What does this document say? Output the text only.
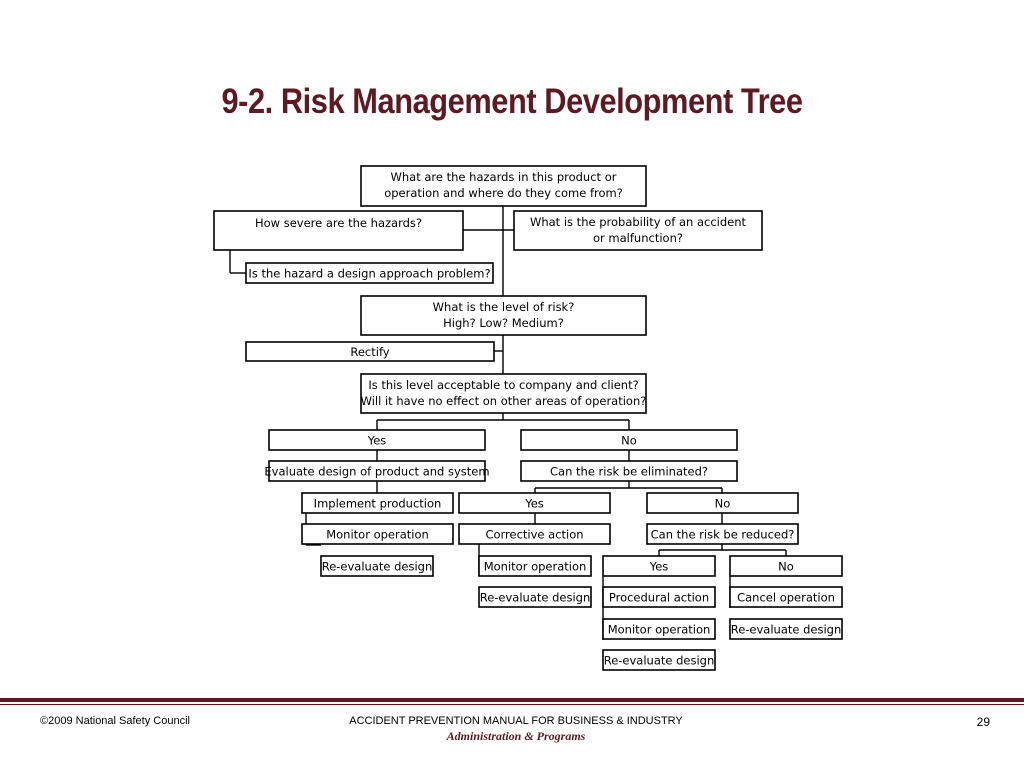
9-2. Risk Management Development Tree
What are the hazards in this product or
operation and where do they come from?
How severe are the hazards?	What is the probability of an accident
or malfunction?
Is the hazard a design approach problem?
What is the level of risk?
High? Low? Medium?
Rectify
Is this level acceptable to company and client?
Will it have no effect on other areas of operation?
Yes	No
Evaluate design of product and system	Can the risk be eliminated?
Implement production	Yes	No
Monitor operation	Corrective action	Can the risk be reduced?
Re-evaluate design	Monitor operation	Yes	No
Re-evaluate design Procedural action Cancel operation
Monitor operation Re-evaluate design
Re-evaluate design
©2009 National Safety Council	ACCIDENT PREVENTION MANUAL FOR BUSINESS & INDUSTRY
Administration & Programs
29
